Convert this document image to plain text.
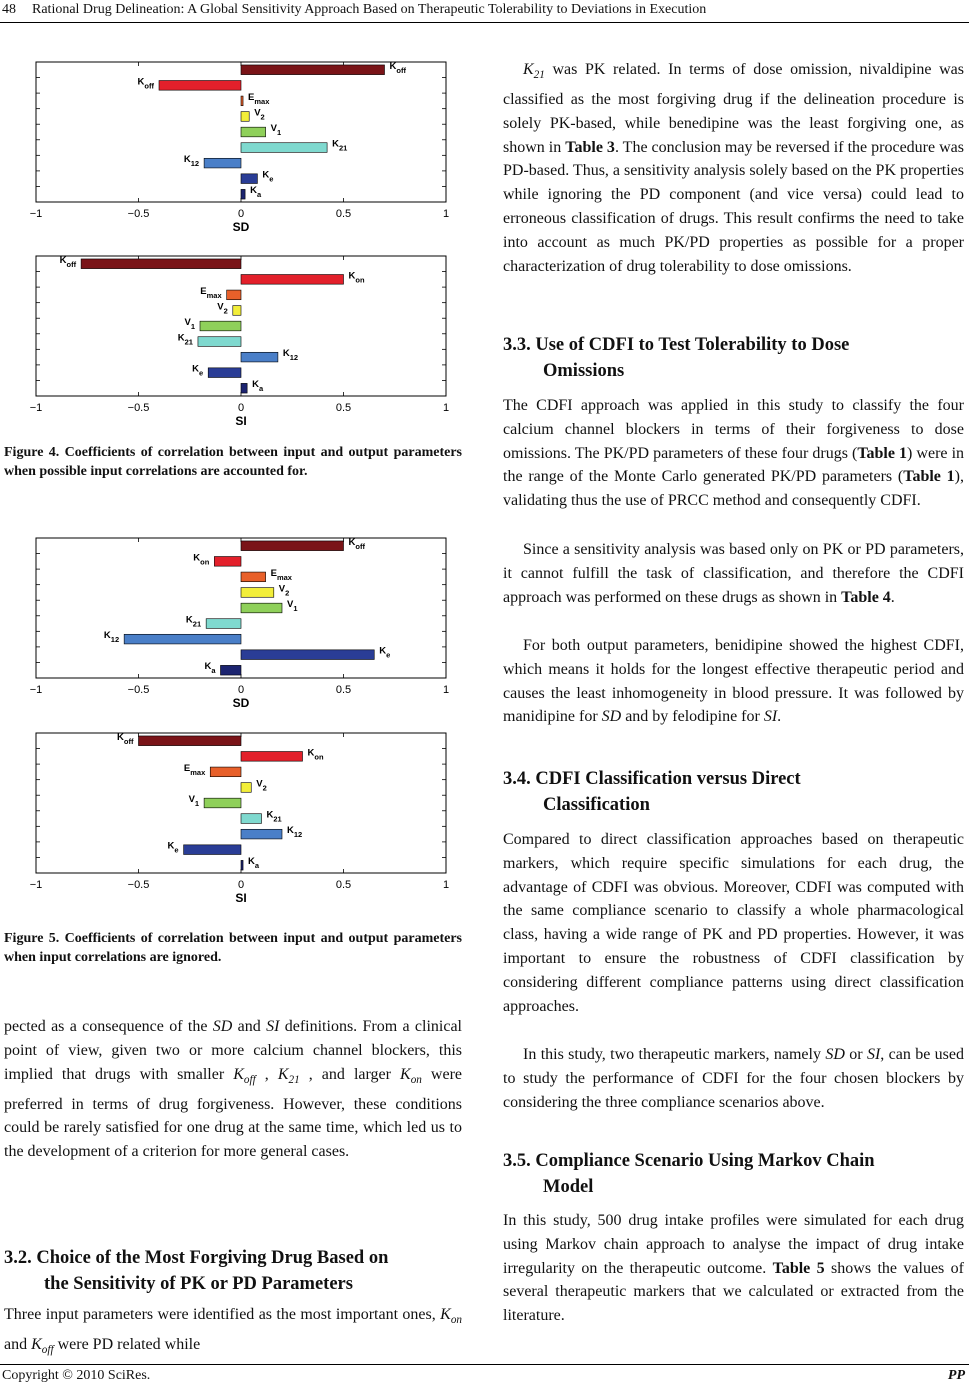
48 Rational Drug Delineation: A Global Sensitivity Approach Based on Therapeutic Tolerability to Deviations in Execution
−1	−0.5	0	0.5	1
SD
$K_{off}$
$K_{off}$
$E_{max}$
$V_2$
$V_1$
$K_{21}$
$K_{12}$
$K_e$
$K_a$
−1	−0.5	0	0.5	1
SI
$K_{off}$
$K_{on}$
$E_{max}$
$V_2$
$V_1$
$K_{21}$
$K_{12}$
$K_e$
$K_a$
Figure 4. Coefficients of correlation between input and output parameters when possible input correlations are accounted for.
−1	−0.5	0	0.5	1
SD
$K_{off}$
$K_{on}$
$E_{max}$
$V_2$
$V_1$
$K_{21}$
$K_{12}$
$K_e$
$K_a$
−1	−0.5	0	0.5	1
SI
$K_{off}$
$K_{on}$
$E_{max}$
$V_2$
$V_1$
$K_{21}$
$K_{12}$
$K_e$
$K_a$
Figure 5. Coefficients of correlation between input and output parameters when input correlations are ignored.
pected as a consequence of the SD and SI definitions. From a clinical point of view, given two or more calcium channel blockers, this implied that drugs with smaller $K_{off}$ , $K_{21}$ , and larger $K_{on}$ were preferred in terms of drug forgiveness. However, these conditions could be rarely satisfied for one drug at the same time, which led us to the development of a criterion for more general cases.
3.2. Choice of the Most Forgiving Drug Based on
the Sensitivity of PK or PD Parameters
Three input parameters were identified as the most important ones, $K_{on}$ and $K_{off}$ were PD related while
$K_{21}$ was PK related. In terms of dose omission, nivaldipine was classified as the most forgiving drug if the delineation procedure is solely PK-based, while benedipine was the least forgiving one, as shown in Table 3. The conclusion may be reversed if the procedure was PD-based. Thus, a sensitivity analysis solely based on the PK properties while ignoring the PD component (and vice versa) could lead to erroneous classification of drugs. This result confirms the need to take into account as much PK/PD properties as possible for a proper characterization of drug tolerability to dose omissions.
3.3. Use of CDFI to Test Tolerability to Dose
Omissions
The CDFI approach was applied in this study to classify the four calcium channel blockers in terms of their forgiveness to dose omissions. The PK/PD parameters of these four drugs (Table 1) were in the range of the Monte Carlo generated PK/PD parameters (Table 1), validating thus the use of PRCC method and consequently CDFI.
Since a sensitivity analysis was based only on PK or PD parameters, it cannot fulfill the task of classification, and therefore the CDFI approach was performed on these drugs as shown in Table 4.
For both output parameters, benidipine showed the highest CDFI, which means it holds for the longest effective therapeutic period and causes the least inhomogeneity in blood pressure. It was followed by manidipine for SD and by felodipine for SI.
3.4. CDFI Classification versus Direct
Classification
Compared to direct classification approaches based on therapeutic markers, which require specific simulations for each drug, the advantage of CDFI was obvious. Moreover, CDFI was computed with the same compliance scenario to classify a whole pharmacological class, having a wide range of PK and PD properties. However, it was important to ensure the robustness of CDFI classification by considering different compliance patterns using direct classification approaches.
In this study, two therapeutic markers, namely SD or SI, can be used to study the performance of CDFI for the four chosen blockers by considering the three compliance scenarios above.
3.5. Compliance Scenario Using Markov Chain
Model
In this study, 500 drug intake profiles were simulated for each drug using Markov chain approach to analyse the impact of drug intake irregularity on the therapeutic outcome. Table 5 shows the values of several therapeutic markers that we calculated or extracted from the literature.
Copyright © 2010 SciRes.	PP
